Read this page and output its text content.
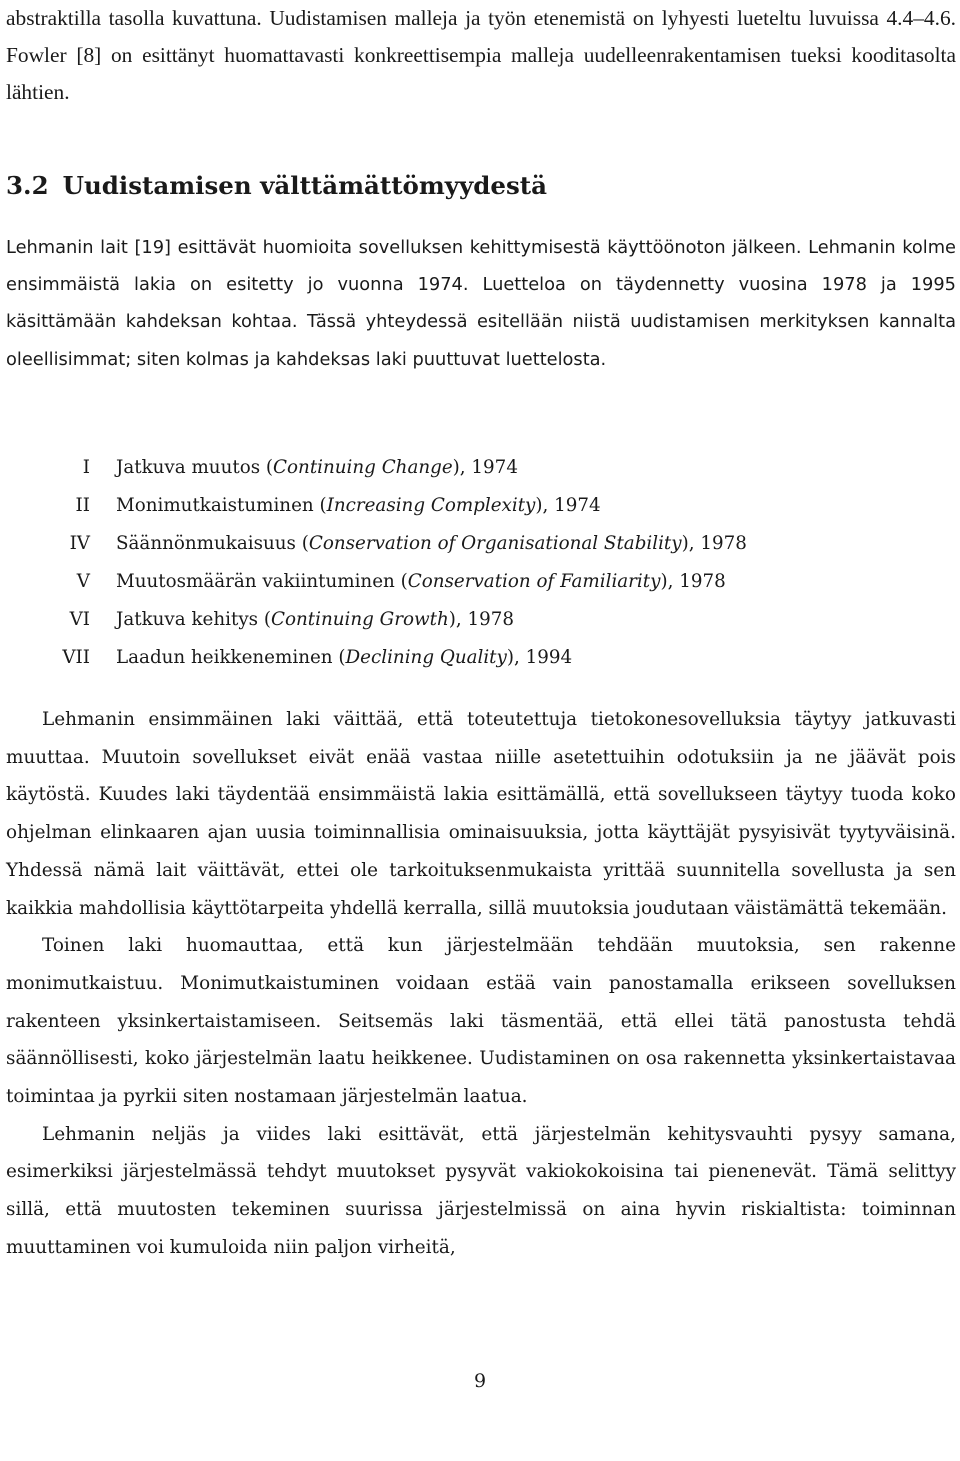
abstraktilla tasolla kuvattuna. Uudistamisen malleja ja työn etenemistä on lyhyesti lueteltu luvuissa 4.4–4.6. Fowler [8] on esittänyt huomattavasti konkreettisempia malleja uudelleenrakentamisen tueksi kooditasolta lähtien.
3.2 Uudistamisen välttämättömyydestä
Lehmanin lait [19] esittävät huomioita sovelluksen kehittymisestä käyttöönoton jälkeen. Lehmanin kolme ensimmäistä lakia on esitetty jo vuonna 1974. Luetteloa on täydennetty vuosina 1978 ja 1995 käsittämään kahdeksan kohtaa. Tässä yhteydessä esitellään niistä uudistamisen merkityksen kannalta oleellisimmat; siten kolmas ja kahdeksas laki puuttuvat luettelosta.
I Jatkuva muutos (Continuing Change), 1974
II Monimutkaistuminen (Increasing Complexity), 1974
IV Säännönmukaisuus (Conservation of Organisational Stability), 1978
V Muutosmäärän vakiintuminen (Conservation of Familiarity), 1978
VI Jatkuva kehitys (Continuing Growth), 1978
VII Laadun heikkeneminen (Declining Quality), 1994

Lehmanin ensimmäinen laki väittää, että toteutettuja tietokonesovelluksia täytyy jatkuvasti muuttaa. Muutoin sovellukset eivät enää vastaa niille asetettuihin odotuksiin ja ne jäävät pois käytöstä. Kuudes laki täydentää ensimmäistä lakia esittämällä, että sovellukseen täytyy tuoda koko ohjelman elinkaaren ajan uusia toiminnallisia ominaisuuksia, jotta käyttäjät pysyisivät tyytyväisinä. Yhdessä nämä lait väittävät, ettei ole tarkoituksenmukaista yrittää suunnitella sovellusta ja sen kaikkia mahdollisia käyttötarpeita yhdellä kerralla, sillä muutoksia joudutaan väistämättä tekemään.

Toinen laki huomauttaa, että kun järjestelmään tehdään muutoksia, sen rakenne monimutkaistuu. Monimutkaistuminen voidaan estää vain panostamalla erikseen sovelluksen rakenteen yksinkertaistamiseen. Seitsemäs laki täsmentää, että ellei tätä panostusta tehdä säännöllisesti, koko järjestelmän laatu heikkenee. Uudistaminen on osa rakennetta yksinkertaistavaa toimintaa ja pyrkii siten nostamaan järjestelmän laatua.

Lehmanin neljäs ja viides laki esittävät, että järjestelmän kehitysvauhti pysyy samana, esimerkiksi järjestelmässä tehdyt muutokset pysyvät vakiokokoisina tai pienenevät. Tämä selittyy sillä, että muutosten tekeminen suurissa järjestelmissä on aina hyvin riskialtista: toiminnan muuttaminen voi kumuloida niin paljon virheitä,

9
